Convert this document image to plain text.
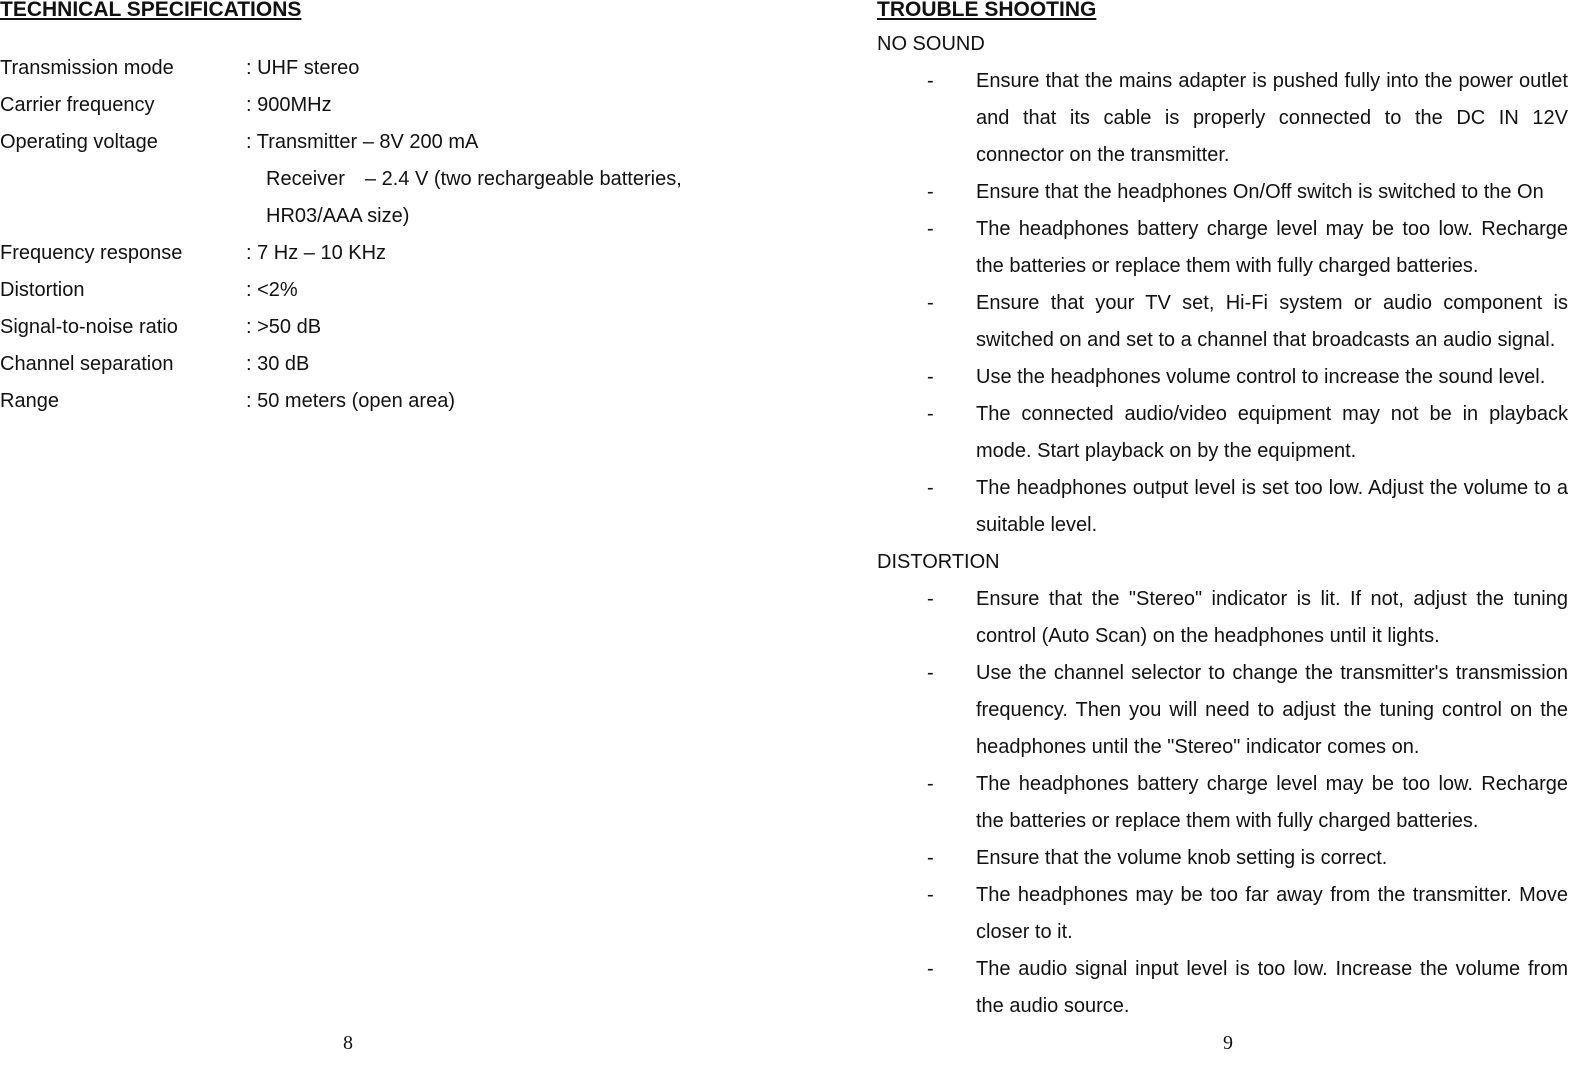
TECHNICAL SPECIFICATIONS
Transmission mode	: UHF stereo
Carrier frequency	: 900MHz
Operating voltage	: Transmitter – 8V 200 mA
Receiver – 2.4 V (two rechargeable batteries,
HR03/AAA size)
Frequency response	: 7 Hz – 10 KHz
Distortion	: <2%
Signal-to-noise ratio	: >50 dB
Channel separation	: 30 dB
Range	: 50 meters (open area)
8
TROUBLE SHOOTING
NO SOUND
-	Ensure that the mains adapter is pushed fully into the power outlet and that its cable is properly connected to the DC IN 12V connector on the transmitter.
-	Ensure that the headphones On/Off switch is switched to the On
-	The headphones battery charge level may be too low. Recharge the batteries or replace them with fully charged batteries.
-	Ensure that your TV set, Hi-Fi system or audio component is switched on and set to a channel that broadcasts an audio signal.
-	Use the headphones volume control to increase the sound level.
-	The connected audio/video equipment may not be in playback mode. Start playback on by the equipment.
-	The headphones output level is set too low. Adjust the volume to a suitable level.
DISTORTION
-	Ensure that the "Stereo" indicator is lit. If not, adjust the tuning control (Auto Scan) on the headphones until it lights.
-	Use the channel selector to change the transmitter's transmission frequency. Then you will need to adjust the tuning control on the headphones until the "Stereo" indicator comes on.
-	The headphones battery charge level may be too low. Recharge the batteries or replace them with fully charged batteries.
-	Ensure that the volume knob setting is correct.
-	The headphones may be too far away from the transmitter. Move closer to it.
-	The audio signal input level is too low. Increase the volume from the audio source.
9
